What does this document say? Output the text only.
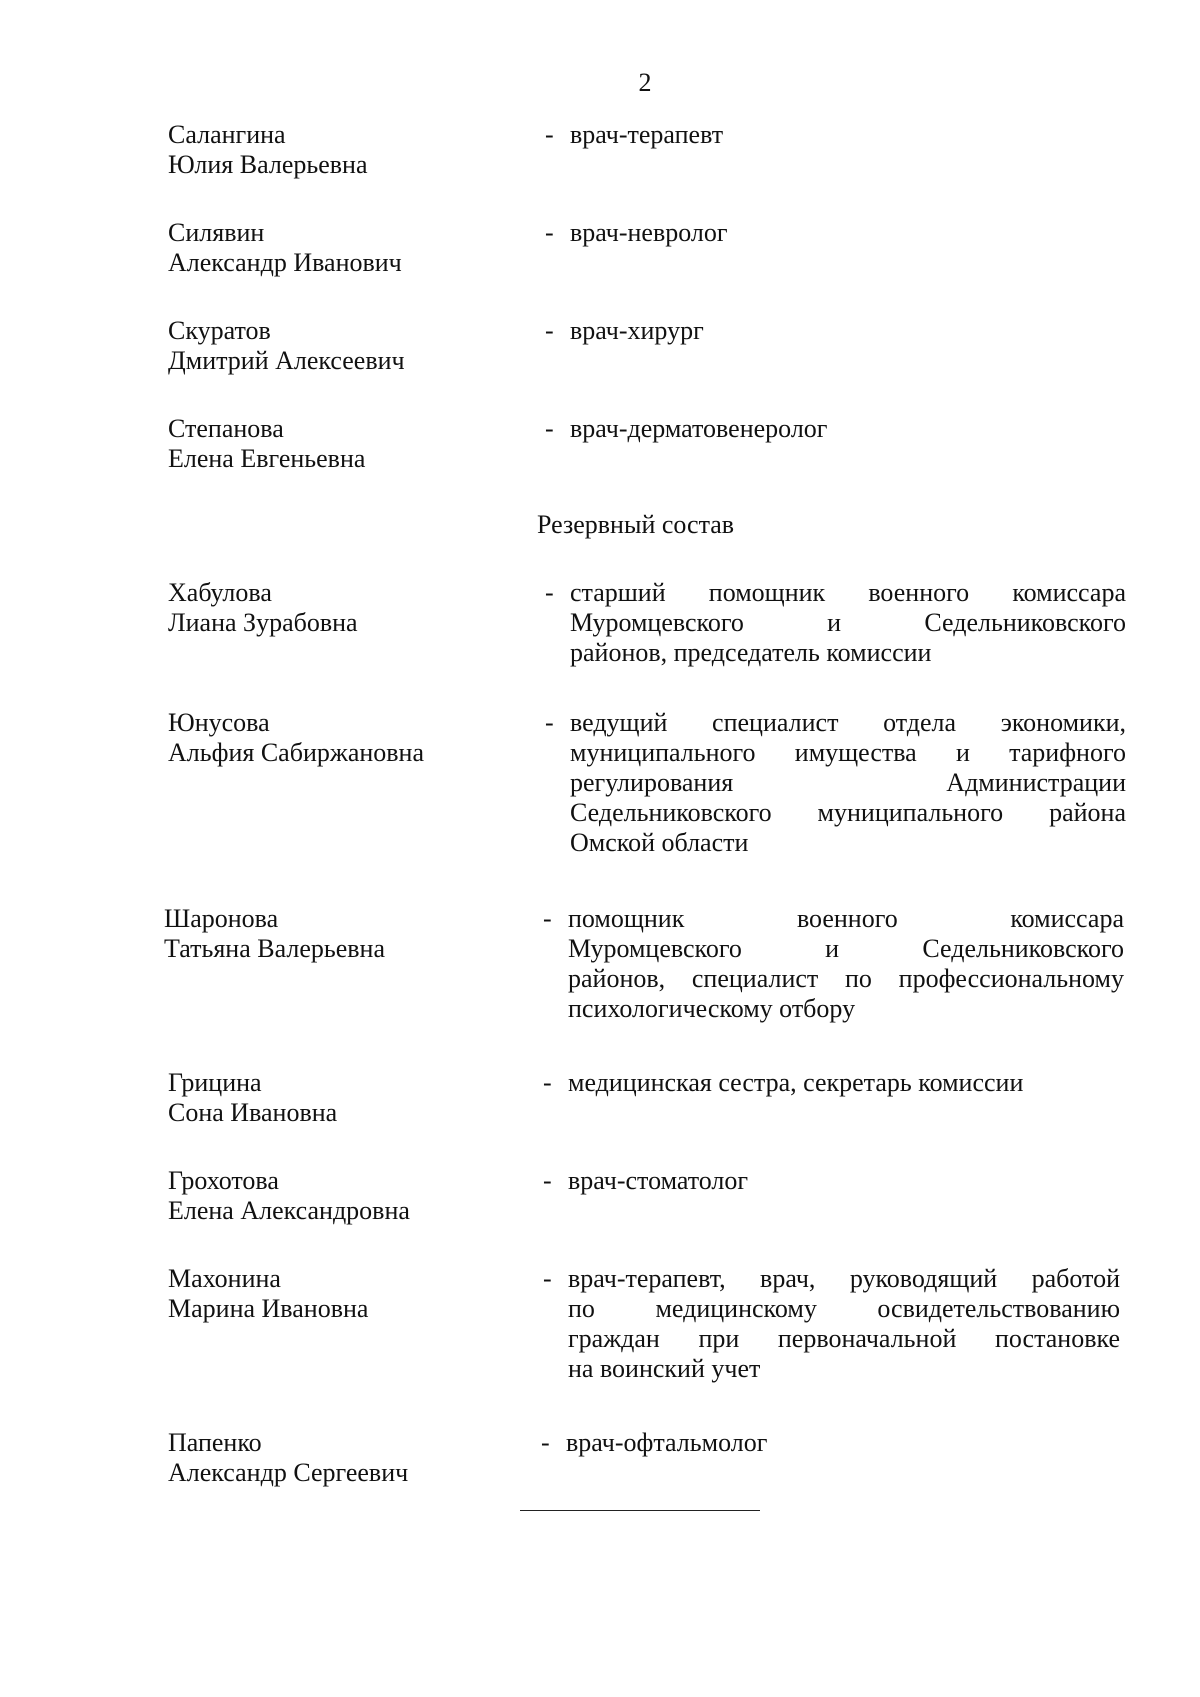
2
Салангина
Юлия Валерьевна
- врач-терапевт
Силявин
Александр Иванович
- врач-невролог
Скуратов
Дмитрий Алексеевич
- врач-хирург
Степанова
Елена Евгеньевна
- врач-дерматовенеролог
Резервный состав
Хабулова
Лиана Зурабовна
- старший помощник военного комиссара
Муромцевского и Седельниковского
районов, председатель комиссии
Юнусова
Альфия Сабиржановна
- ведущий специалист отдела экономики,
муниципального имущества и тарифного
регулирования Администрации
Седельниковского муниципального района
Омской области
Шаронова
Татьяна Валерьевна
- помощник военного комиссара
Муромцевского и Седельниковского
районов, специалист по профессиональному
психологическому отбору
Грицина
Сона Ивановна
- медицинская сестра, секретарь комиссии
Грохотова
Елена Александровна
- врач-стоматолог
Махонина
Марина Ивановна
- врач-терапевт, врач, руководящий работой
по медицинскому освидетельствованию
граждан при первоначальной постановке
на воинский учет
Папенко
Александр Сергеевич
- врач-офтальмолог
